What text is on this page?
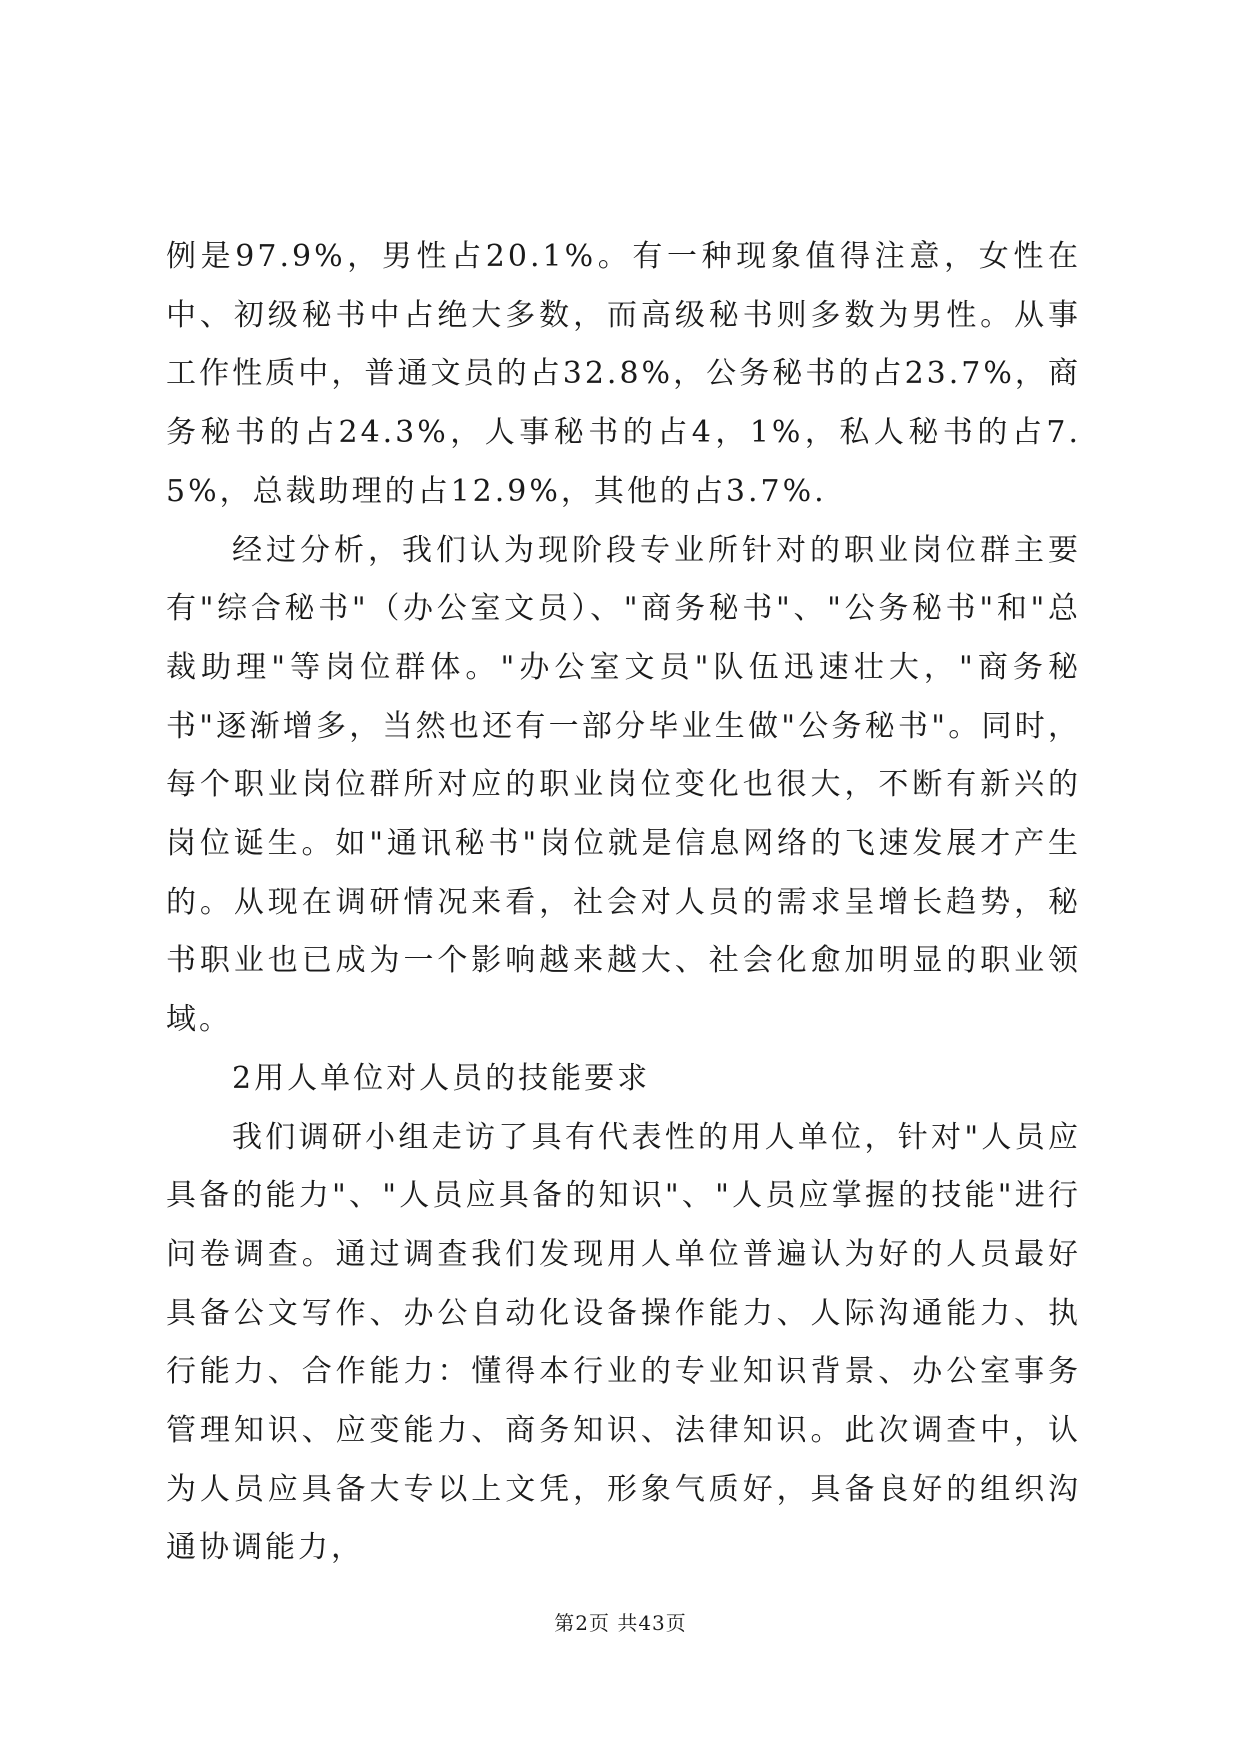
例是97.9%，男性占20.1%。有一种现象值得注意，女性在中、初级秘书中占绝大多数，而高级秘书则多数为男性。从事工作性质中，普通文员的占32.8%，公务秘书的占23.7%，商务秘书的占24.3%，人事秘书的占4，1%，私人秘书的占7.5%，总裁助理的占12.9%，其他的占3.7%.

经过分析，我们认为现阶段专业所针对的职业岗位群主要有"综合秘书"（办公室文员）、"商务秘书"、"公务秘书"和"总裁助理"等岗位群体。"办公室文员"队伍迅速壮大，"商务秘书"逐渐增多，当然也还有一部分毕业生做"公务秘书"。同时，每个职业岗位群所对应的职业岗位变化也很大，不断有新兴的岗位诞生。如"通讯秘书"岗位就是信息网络的飞速发展才产生的。从现在调研情况来看，社会对人员的需求呈增长趋势，秘书职业也已成为一个影响越来越大、社会化愈加明显的职业领域。

2用人单位对人员的技能要求

我们调研小组走访了具有代表性的用人单位，针对"人员应具备的能力"、"人员应具备的知识"、"人员应掌握的技能"进行问卷调查。通过调查我们发现用人单位普遍认为好的人员最好具备公文写作、办公自动化设备操作能力、人际沟通能力、执行能力、合作能力：懂得本行业的专业知识背景、办公室事务管理知识、应变能力、商务知识、法律知识。此次调查中，认为人员应具备大专以上文凭，形象气质好，具备良好的组织沟通协调能力，

第2页 共43页
